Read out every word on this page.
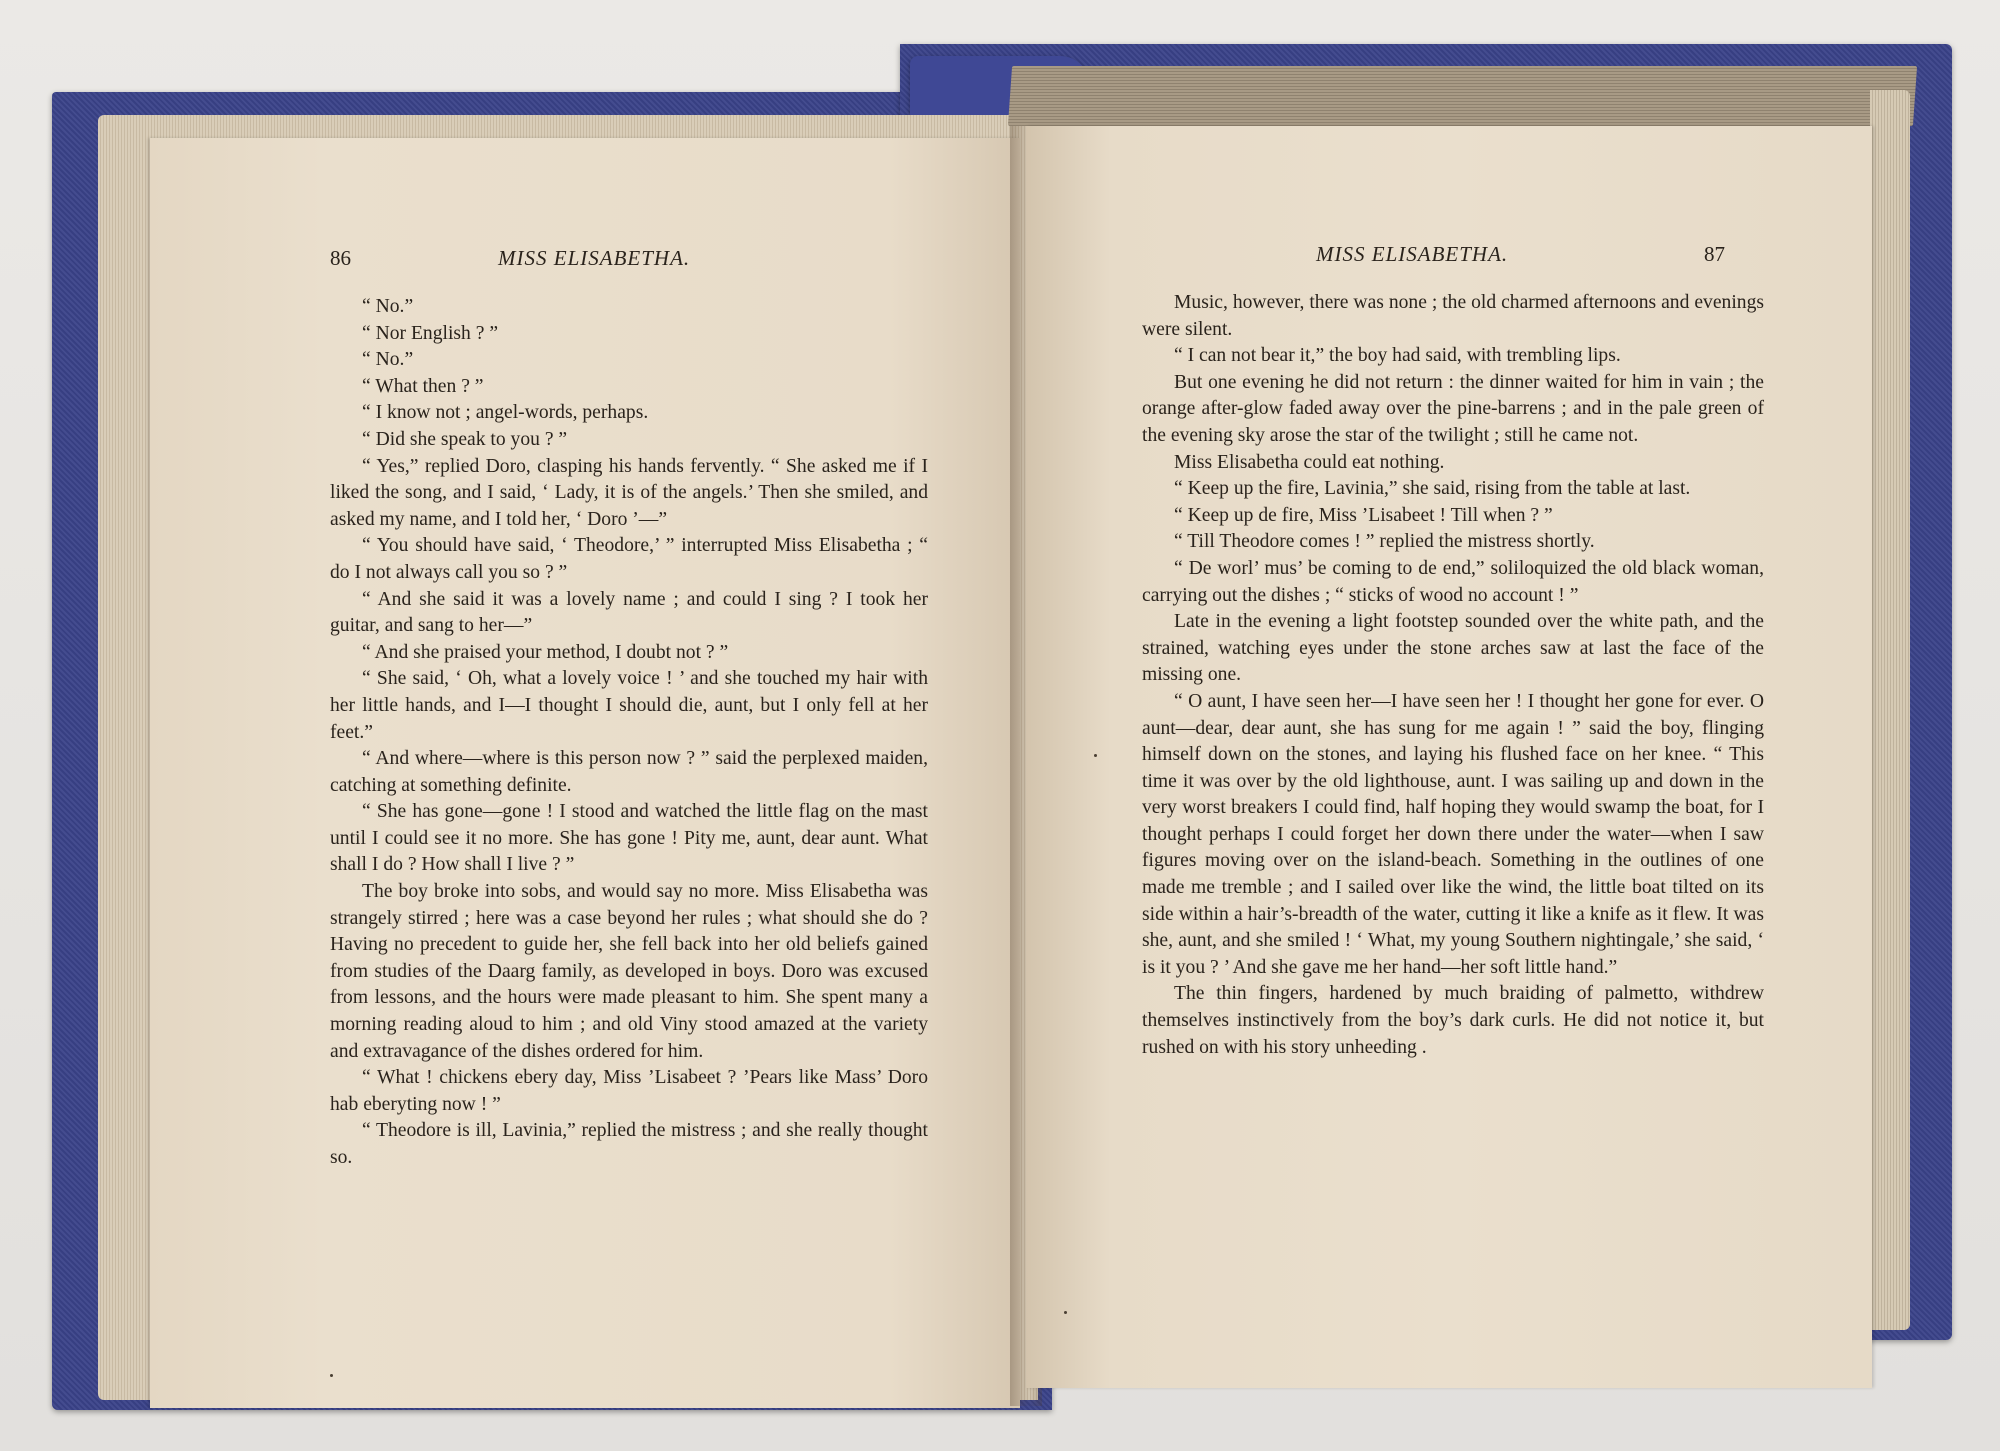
86	MISS ELISABETHA.

“ No.”

“ Nor English ? ”

“ No.”

“ What then ? ”

“ I know not ; angel-words, perhaps.

“ Did she speak to you ? ”

“ Yes,” replied Doro, clasping his hands fervently. “ She asked me if I liked the song, and I said, ‘ Lady, it is of the angels.’ Then she smiled, and asked my name, and I told her, ‘ Doro ’—”

“ You should have said, ‘ Theodore,’ ” interrupted Miss Elisabetha ; “ do I not always call you so ? ”

“ And she said it was a lovely name ; and could I sing ? I took her guitar, and sang to her—”

“ And she praised your method, I doubt not ? ”

“ She said, ‘ Oh, what a lovely voice ! ’ and she touched my hair with her little hands, and I—I thought I should die, aunt, but I only fell at her feet.”

“ And where—where is this person now ? ” said the perplexed maiden, catching at something definite.

“ She has gone—gone ! I stood and watched the little flag on the mast until I could see it no more. She has gone ! Pity me, aunt, dear aunt. What shall I do ? How shall I live ? ”

The boy broke into sobs, and would say no more. Miss Elisabetha was strangely stirred ; here was a case beyond her rules ; what should she do ? Having no precedent to guide her, she fell back into her old beliefs gained from studies of the Daarg family, as developed in boys. Doro was excused from lessons, and the hours were made pleasant to him. She spent many a morning reading aloud to him ; and old Viny stood amazed at the variety and extravagance of the dishes ordered for him.

“ What ! chickens ebery day, Miss ’Lisabeet ? ’Pears like Mass’ Doro hab eberyting now ! ”

“ Theodore is ill, Lavinia,” replied the mistress ; and she really thought so.

MISS ELISABETHA.	87

Music, however, there was none ; the old charmed afternoons and evenings were silent.

“ I can not bear it,” the boy had said, with trembling lips.

But one evening he did not return : the dinner waited for him in vain ; the orange after-glow faded away over the pine-barrens ; and in the pale green of the evening sky arose the star of the twilight ; still he came not.

Miss Elisabetha could eat nothing.

“ Keep up the fire, Lavinia,” she said, rising from the table at last.

“ Keep up de fire, Miss ’Lisabeet ! Till when ? ”

“ Till Theodore comes ! ” replied the mistress shortly.

“ De worl’ mus’ be coming to de end,” soliloquized the old black woman, carrying out the dishes ; “ sticks of wood no account ! ”

Late in the evening a light footstep sounded over the white path, and the strained, watching eyes under the stone arches saw at last the face of the missing one.

“ O aunt, I have seen her—I have seen her ! I thought her gone for ever. O aunt—dear, dear aunt, she has sung for me again ! ” said the boy, flinging himself down on the stones, and laying his flushed face on her knee. “ This time it was over by the old lighthouse, aunt. I was sailing up and down in the very worst breakers I could find, half hoping they would swamp the boat, for I thought perhaps I could forget her down there under the water—when I saw figures moving over on the island-beach. Something in the outlines of one made me tremble ; and I sailed over like the wind, the little boat tilted on its side within a hair’s-breadth of the water, cutting it like a knife as it flew. It was she, aunt, and she smiled ! ‘ What, my young Southern nightingale,’ she said, ‘ is it you ? ’ And she gave me her hand—her soft little hand.”

The thin fingers, hardened by much braiding of palmetto, withdrew themselves instinctively from the boy’s dark curls. He did not notice it, but rushed on with his story unheeding .
